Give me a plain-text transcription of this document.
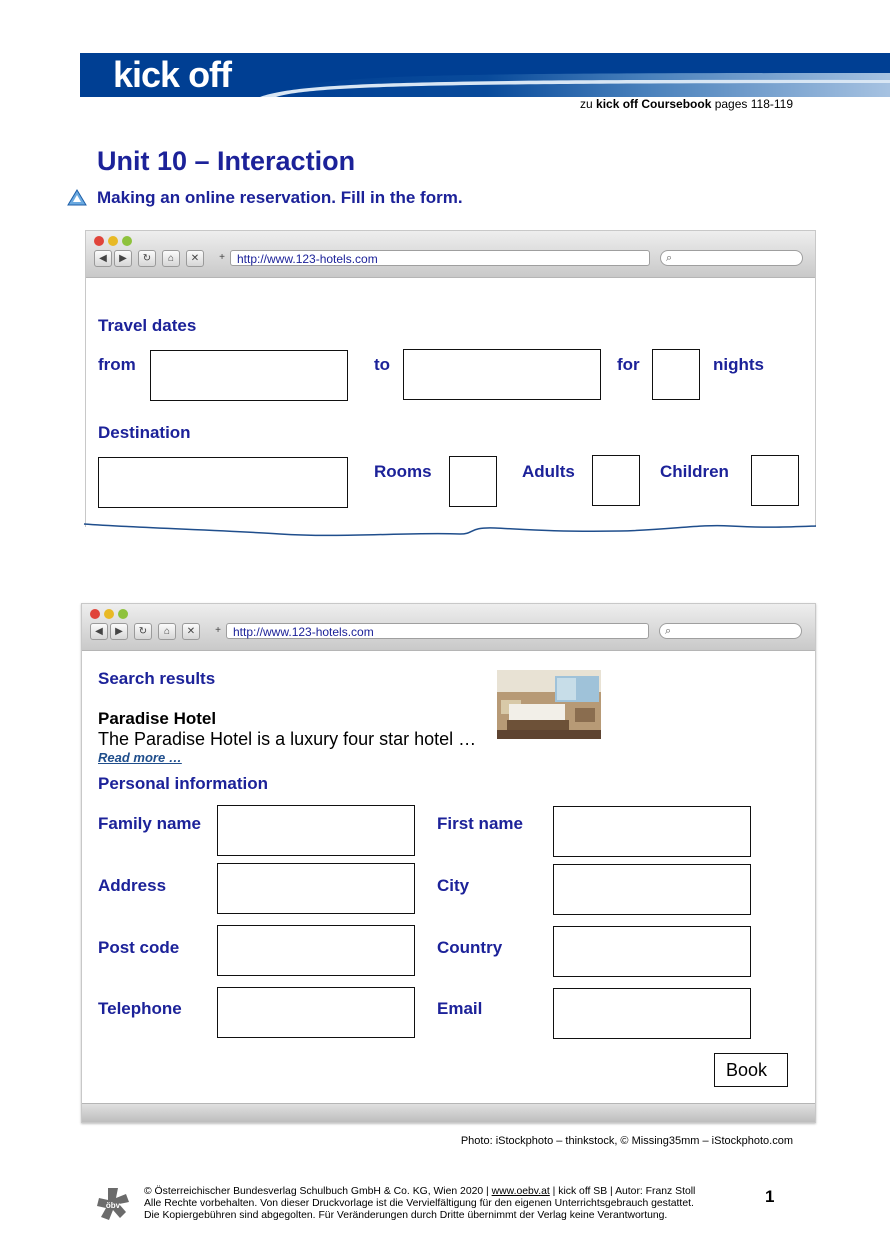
kick off
zu kick off Coursebook pages 118-119
Unit 10 – Interaction
Making an online reservation. Fill in the form.
◀	▶	↻	⌂	✕	+	http://www.123-hotels.com	⌕
Travel dates
from	to	for	nights
Destination
Rooms	Adults	Children
◀	▶	↻	⌂	✕	+	http://www.123-hotels.com	⌕
Search results
Paradise Hotel
The Paradise Hotel is a luxury four star hotel …
Read more …
Personal information
Family name	First name
Address	City
Post code	Country
Telephone	Email
Book
Photo: iStockphoto – thinkstock, © Missing35mm – iStockphoto.com
öbv
© Österreichischer Bundesverlag Schulbuch GmbH & Co. KG, Wien 2020 | www.oebv.at | kick off SB | Autor: Franz Stoll
Alle Rechte vorbehalten. Von dieser Druckvorlage ist die Vervielfältigung für den eigenen Unterrichtsgebrauch gestattet.
Die Kopiergebühren sind abgegolten. Für Veränderungen durch Dritte übernimmt der Verlag keine Verantwortung.
1
